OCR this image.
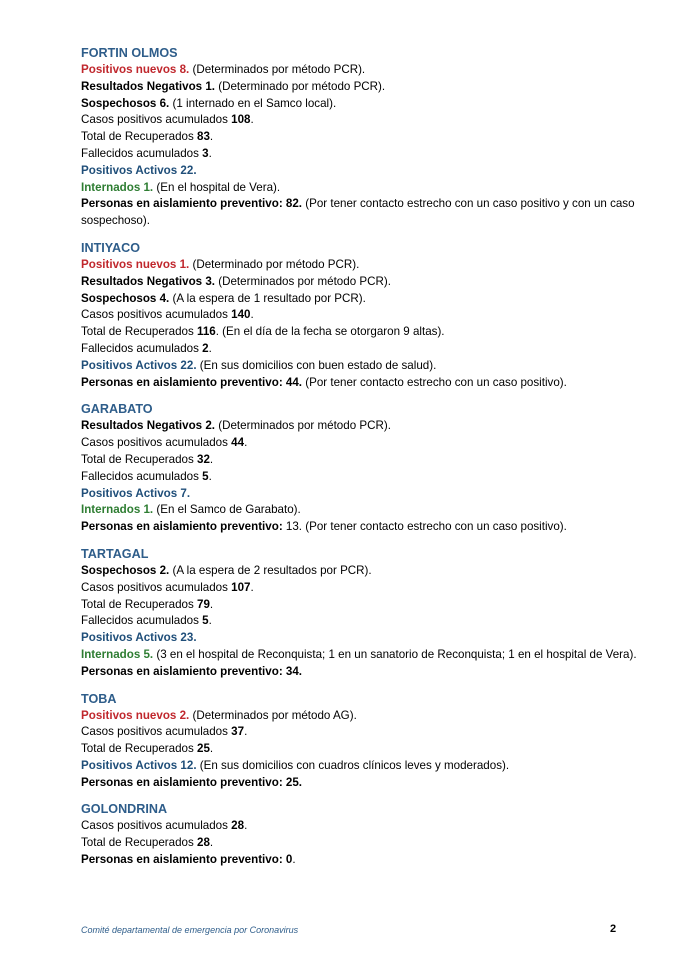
FORTIN OLMOS
Positivos nuevos 8. (Determinados por método PCR).
Resultados Negativos 1. (Determinado por método PCR).
Sospechosos 6. (1 internado en el Samco local).
Casos positivos acumulados 108.
Total de Recuperados 83.
Fallecidos acumulados 3.
Positivos Activos 22.
Internados 1. (En el hospital de Vera).
Personas en aislamiento preventivo: 82. (Por tener contacto estrecho con un caso positivo y con un caso sospechoso).
INTIYACO
Positivos nuevos 1. (Determinado por método PCR).
Resultados Negativos 3. (Determinados por método PCR).
Sospechosos 4. (A la espera de 1 resultado por PCR).
Casos positivos acumulados 140.
Total de Recuperados 116. (En el día de la fecha se otorgaron 9 altas).
Fallecidos acumulados 2.
Positivos Activos 22. (En sus domicilios con buen estado de salud).
Personas en aislamiento preventivo: 44. (Por tener contacto estrecho con un caso positivo).
GARABATO
Resultados Negativos 2. (Determinados por método PCR).
Casos positivos acumulados 44.
Total de Recuperados 32.
Fallecidos acumulados 5.
Positivos Activos 7.
Internados 1. (En el Samco de Garabato).
Personas en aislamiento preventivo: 13. (Por tener contacto estrecho con un caso positivo).
TARTAGAL
Sospechosos 2. (A la espera de 2 resultados por PCR).
Casos positivos acumulados 107.
Total de Recuperados 79.
Fallecidos acumulados 5.
Positivos Activos 23.
Internados 5. (3 en el hospital de Reconquista; 1 en un sanatorio de Reconquista; 1 en el hospital de Vera).
Personas en aislamiento preventivo: 34.
TOBA
Positivos nuevos 2. (Determinados por método AG).
Casos positivos acumulados 37.
Total de Recuperados 25.
Positivos Activos 12. (En sus domicilios con cuadros clínicos leves y moderados).
Personas en aislamiento preventivo: 25.
GOLONDRINA
Casos positivos acumulados 28.
Total de Recuperados 28.
Personas en aislamiento preventivo: 0.
Comité departamental de emergencia por Coronavirus	2
